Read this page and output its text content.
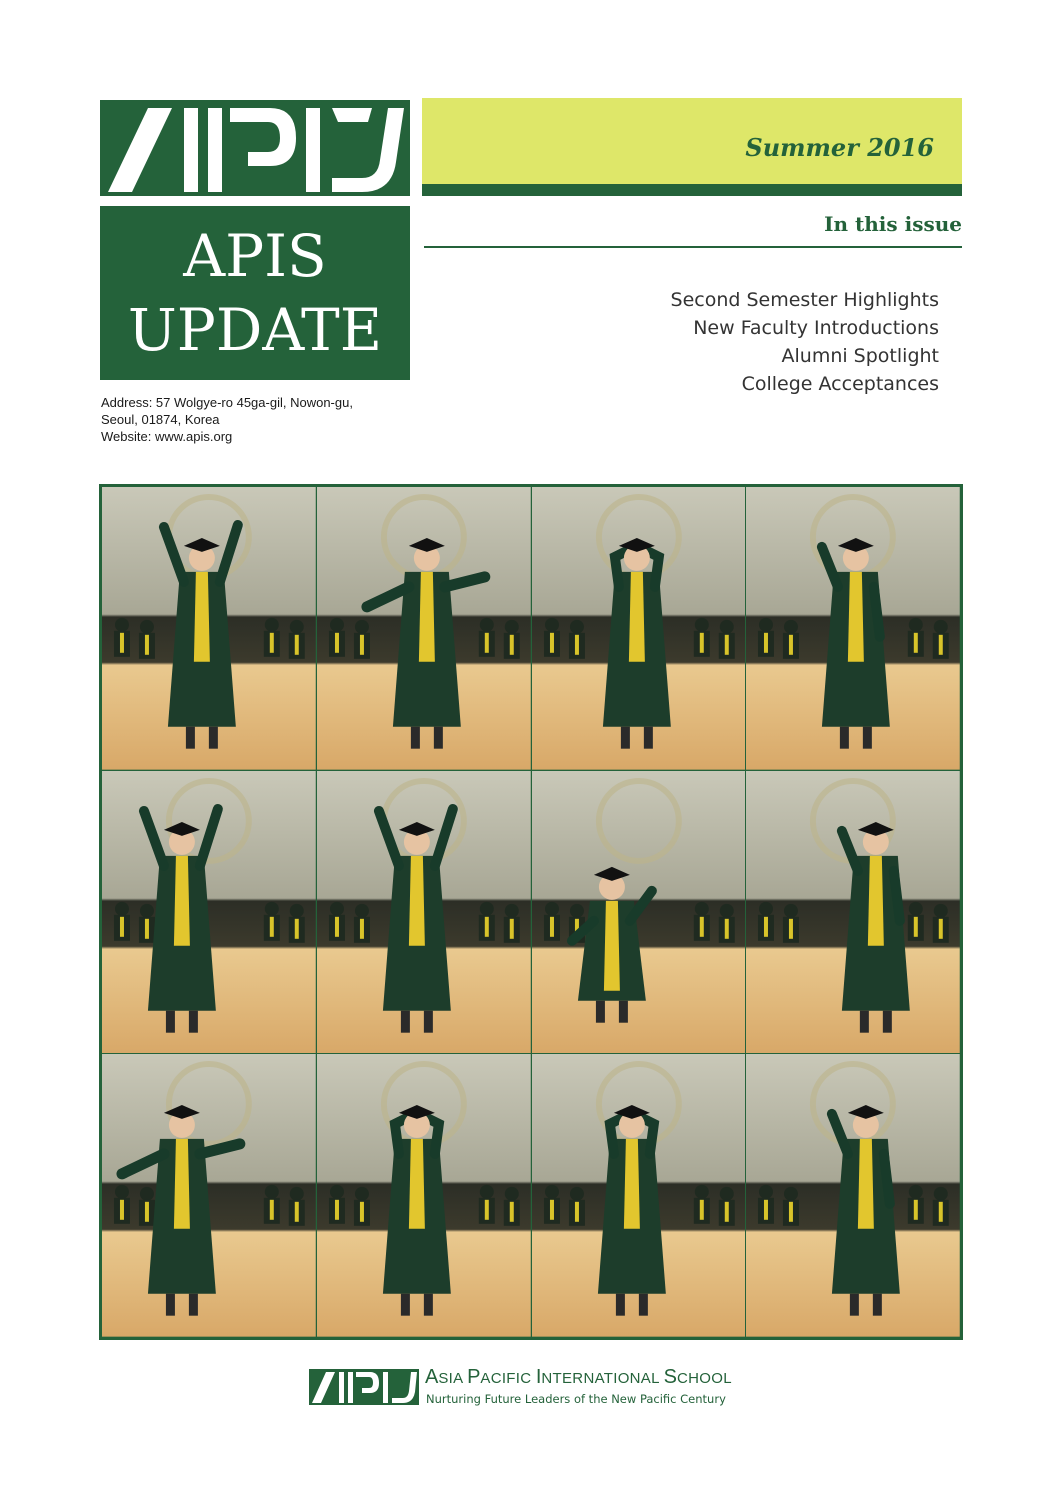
APIS
UPDATE
Address: 57 Wolgye-ro 45ga-gil, Nowon-gu,
Seoul, 01874, Korea
Website: www.apis.org
Summer 2016
In this issue
Second Semester Highlights
New Faculty Introductions
Alumni Spotlight
College Acceptances
ASIA PACIFIC INTERNATIONAL SCHOOL
Nurturing Future Leaders of the New Pacific Century
